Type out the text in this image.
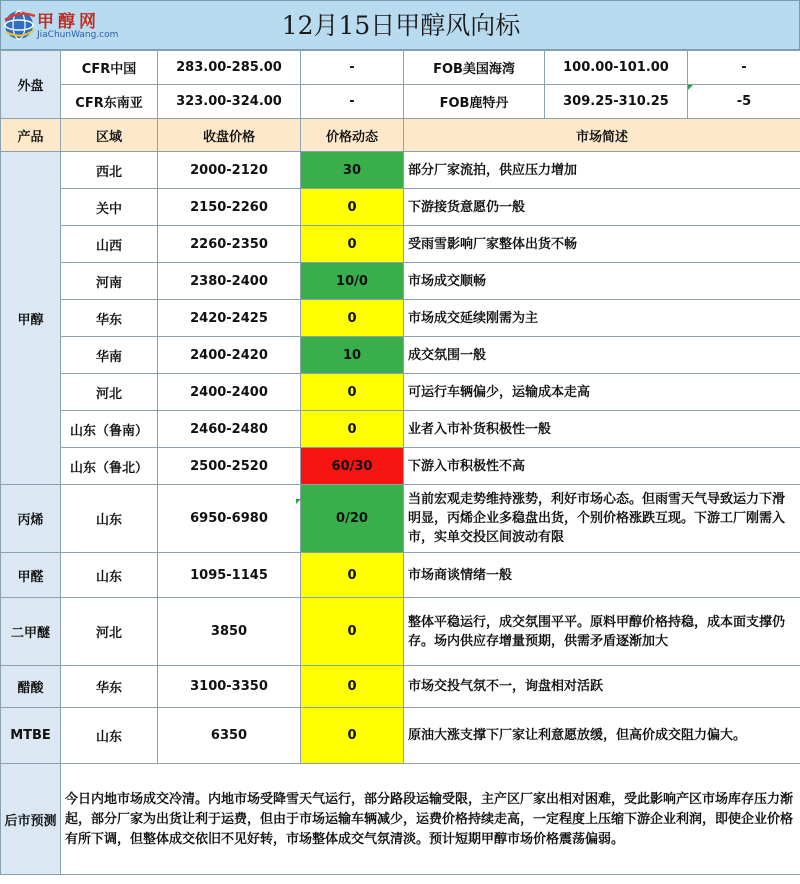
甲醇网
JiaChunWang.com	12月15日甲醇风向标
外盘	CFR中国	283.00-285.00	-	FOB美国海湾	100.00-101.00	-
	CFR东南亚	323.00-324.00	-	FOB鹿特丹	309.25-310.25	-5
产品	区域	收盘价格	价格动态	市场简述		
甲醇	西北	2000-2120	30	部分厂家流拍，供应压力增加		
	关中	2150-2260	0	下游接货意愿仍一般		
	山西	2260-2350	0	受雨雪影响厂家整体出货不畅		
	河南	2380-2400	10/0	市场成交顺畅		
	华东	2420-2425	0	市场成交延续刚需为主		
	华南	2400-2420	10	成交氛围一般		
	河北	2400-2400	0	可运行车辆偏少，运输成本走高		
	山东（鲁南）	2460-2480	0	业者入市补货积极性一般		
	山东（鲁北）	2500-2520	60/30	下游入市积极性不高		
丙烯	山东	6950-6980	0/20	当前宏观走势维持涨势，利好市场心态。但雨雪天气导致运力下滑明显，丙烯企业多稳盘出货，个别价格涨跌互现。下游工厂刚需入市，实单交投区间波动有限		
甲醛	山东	1095-1145	0	市场商谈情绪一般		
二甲醚	河北	3850	0	整体平稳运行，成交氛围平平。原料甲醇价格持稳，成本面支撑仍存。场内供应存增量预期，供需矛盾逐渐加大		
醋酸	华东	3100-3350	0	市场交投气氛不一，询盘相对活跃		
MTBE	山东	6350	0	原油大涨支撑下厂家让利意愿放缓，但高价成交阻力偏大。		
后市预测	今日内地市场成交冷清。内地市场受降雪天气运行，部分路段运输受限，主产区厂家出相对困难，受此影响产区市场库存压力渐起，部分厂家为出货让利于运费，但由于市场运输车辆减少，运费价格持续走高，一定程度上压缩下游企业利润，即使企业价格有所下调，但整体成交依旧不见好转，市场整体成交气氛清淡。预计短期甲醇市场价格震荡偏弱。					
